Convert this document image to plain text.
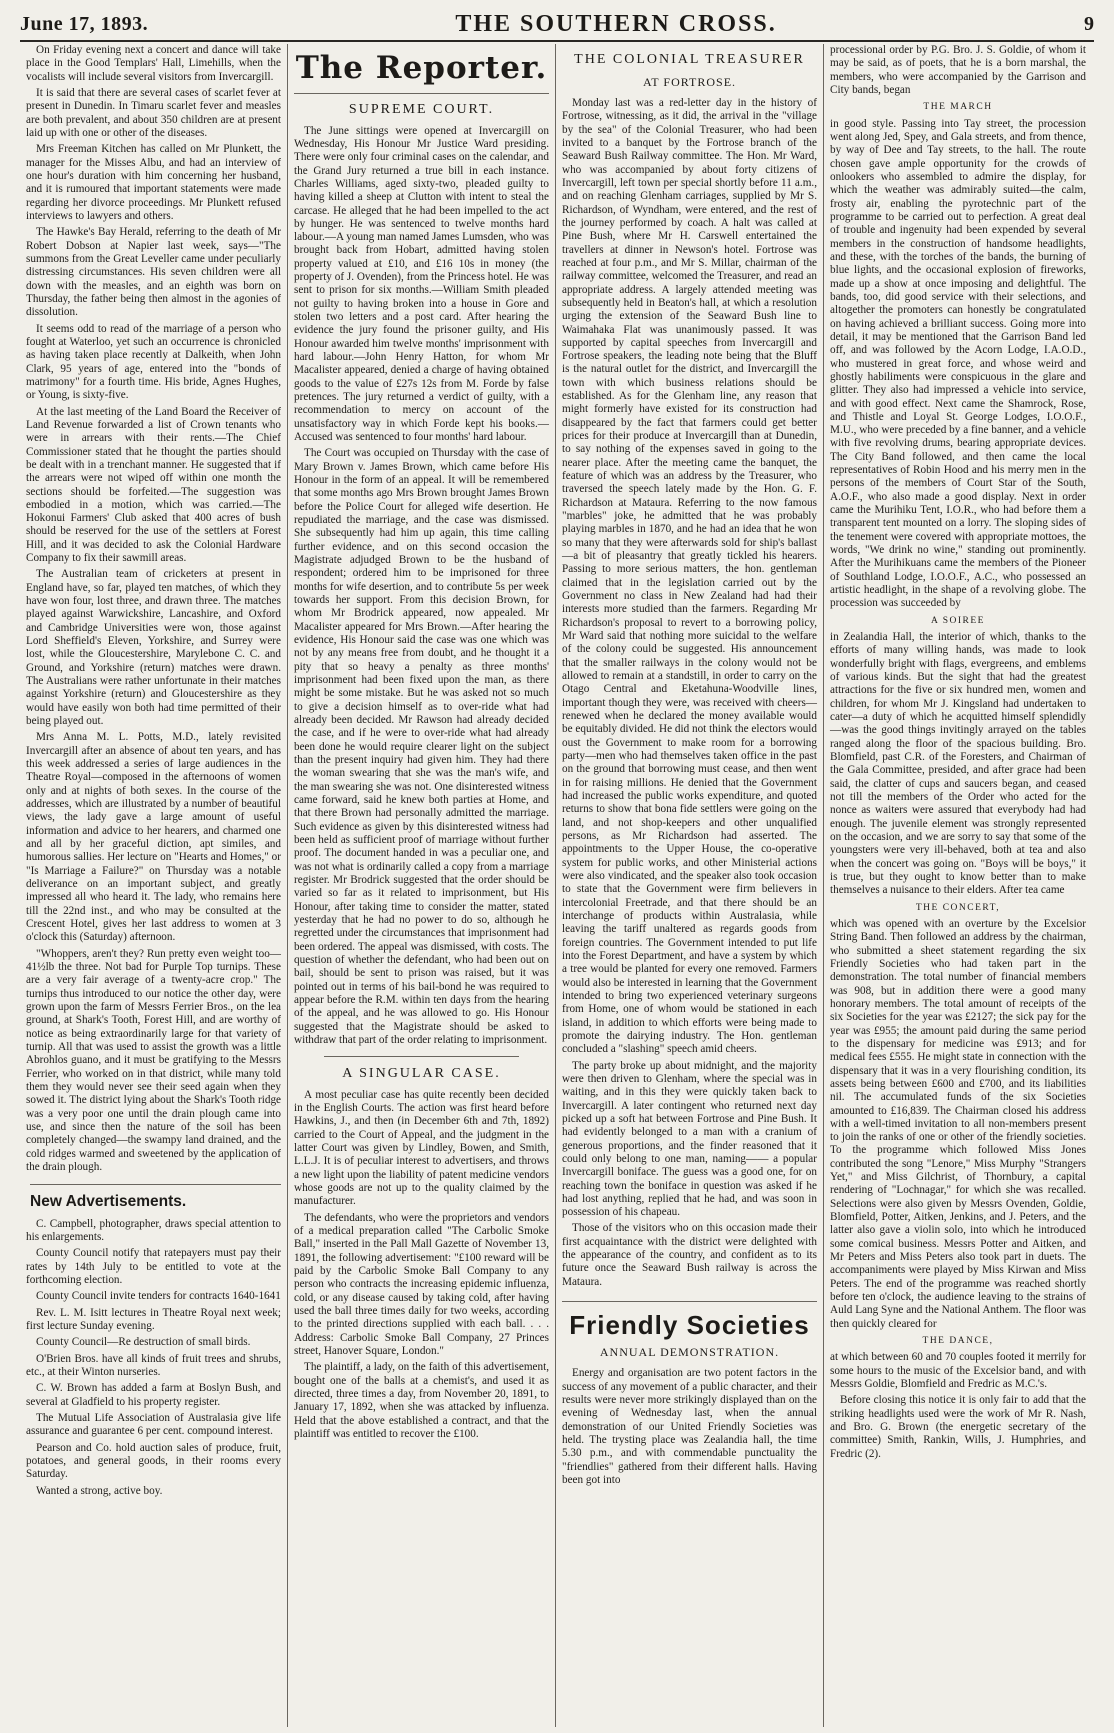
June 17, 1893.	THE SOUTHERN CROSS.	9

On Friday evening next a concert and dance will take place in the Good Templars' Hall, Limehills, when the vocalists will include several visitors from Invercargill.

It is said that there are several cases of scarlet fever at present in Dunedin. In Timaru scarlet fever and measles are both prevalent, and about 350 children are at present laid up with one or other of the diseases.

Mrs Freeman Kitchen has called on Mr Plunkett, the manager for the Misses Albu, and had an interview of one hour's duration with him concerning her husband, and it is rumoured that important statements were made regarding her divorce proceedings. Mr Plunkett refused interviews to lawyers and others.

The Hawke's Bay Herald, referring to the death of Mr Robert Dobson at Napier last week, says—"The summons from the Great Leveller came under peculiarly distressing circumstances. His seven children were all down with the measles, and an eighth was born on Thursday, the father being then almost in the agonies of dissolution.

It seems odd to read of the marriage of a person who fought at Waterloo, yet such an occurrence is chronicled as having taken place recently at Dalkeith, when John Clark, 95 years of age, entered into the "bonds of matrimony" for a fourth time. His bride, Agnes Hughes, or Young, is sixty-five.

At the last meeting of the Land Board the Receiver of Land Revenue forwarded a list of Crown tenants who were in arrears with their rents.—The Chief Commissioner stated that he thought the parties should be dealt with in a trenchant manner. He suggested that if the arrears were not wiped off within one month the sections should be forfeited.—The suggestion was embodied in a motion, which was carried.—The Hokonui Farmers' Club asked that 400 acres of bush should be reserved for the use of the settlers at Forest Hill, and it was decided to ask the Colonial Hardware Company to fix their sawmill areas.

The Australian team of cricketers at present in England have, so far, played ten matches, of which they have won four, lost three, and drawn three. The matches played against Warwickshire, Lancashire, and Oxford and Cambridge Universities were won, those against Lord Sheffield's Eleven, Yorkshire, and Surrey were lost, while the Gloucestershire, Marylebone C. C. and Ground, and Yorkshire (return) matches were drawn. The Australians were rather unfortunate in their matches against Yorkshire (return) and Gloucestershire as they would have easily won both had time permitted of their being played out.

Mrs Anna M. L. Potts, M.D., lately revisited Invercargill after an absence of about ten years, and has this week addressed a series of large audiences in the Theatre Royal—composed in the afternoons of women only and at nights of both sexes. In the course of the addresses, which are illustrated by a number of beautiful views, the lady gave a large amount of useful information and advice to her hearers, and charmed one and all by her graceful diction, apt similes, and humorous sallies. Her lecture on "Hearts and Homes," or "Is Marriage a Failure?" on Thursday was a notable deliverance on an important subject, and greatly impressed all who heard it. The lady, who remains here till the 22nd inst., and who may be consulted at the Crescent Hotel, gives her last address to women at 3 o'clock this (Saturday) afternoon.

"Whoppers, aren't they? Run pretty even weight too—41½lb the three. Not bad for Purple Top turnips. These are a very fair average of a twenty-acre crop." The turnips thus introduced to our notice the other day, were grown upon the farm of Messrs Ferrier Bros., on the lea ground, at Shark's Tooth, Forest Hill, and are worthy of notice as being extraordinarily large for that variety of turnip. All that was used to assist the growth was a little Abrohlos guano, and it must be gratifying to the Messrs Ferrier, who worked on in that district, while many told them they would never see their seed again when they sowed it. The district lying about the Shark's Tooth ridge was a very poor one until the drain plough came into use, and since then the nature of the soil has been completely changed—the swampy land drained, and the cold ridges warmed and sweetened by the application of the drain plough.

New Advertisements.

C. Campbell, photographer, draws special attention to his enlargements.

County Council notify that ratepayers must pay their rates by 14th July to be entitled to vote at the forthcoming election.

County Council invite tenders for contracts 1640-1641

Rev. L. M. Isitt lectures in Theatre Royal next week; first lecture Sunday evening.

County Council—Re destruction of small birds.

O'Brien Bros. have all kinds of fruit trees and shrubs, etc., at their Winton nurseries.

C. W. Brown has added a farm at Boslyn Bush, and several at Gladfield to his property register.

The Mutual Life Association of Australasia give life assurance and guarantee 6 per cent. compound interest.

Pearson and Co. hold auction sales of produce, fruit, potatoes, and general goods, in their rooms every Saturday.

Wanted a strong, active boy.

The Reporter.
SUPREME COURT.

The June sittings were opened at Invercargill on Wednesday, His Honour Mr Justice Ward presiding. There were only four criminal cases on the calendar, and the Grand Jury returned a true bill in each instance. Charles Williams, aged sixty-two, pleaded guilty to having killed a sheep at Clutton with intent to steal the carcase. He alleged that he had been impelled to the act by hunger. He was sentenced to twelve months hard labour.—A young man named James Lumsden, who was brought back from Hobart, admitted having stolen property valued at £10, and £16 10s in money (the property of J. Ovenden), from the Princess hotel. He was sent to prison for six months.—William Smith pleaded not guilty to having broken into a house in Gore and stolen two letters and a post card. After hearing the evidence the jury found the prisoner guilty, and His Honour awarded him twelve months' imprisonment with hard labour.—John Henry Hatton, for whom Mr Macalister appeared, denied a charge of having obtained goods to the value of £27s 12s from M. Forde by false pretences. The jury returned a verdict of guilty, with a recommendation to mercy on account of the unsatisfactory way in which Forde kept his books.—Accused was sentenced to four months' hard labour.

The Court was occupied on Thursday with the case of Mary Brown v. James Brown, which came before His Honour in the form of an appeal. It will be remembered that some months ago Mrs Brown brought James Brown before the Police Court for alleged wife desertion. He repudiated the marriage, and the case was dismissed. She subsequently had him up again, this time calling further evidence, and on this second occasion the Magistrate adjudged Brown to be the husband of respondent; ordered him to be imprisoned for three months for wife desertion, and to contribute 5s per week towards her support. From this decision Brown, for whom Mr Brodrick appeared, now appealed. Mr Macalister appeared for Mrs Brown.—After hearing the evidence, His Honour said the case was one which was not by any means free from doubt, and he thought it a pity that so heavy a penalty as three months' imprisonment had been fixed upon the man, as there might be some mistake. But he was asked not so much to give a decision himself as to over-ride what had already been decided. Mr Rawson had already decided the case, and if he were to over-ride what had already been done he would require clearer light on the subject than the present inquiry had given him. They had there the woman swearing that she was the man's wife, and the man swearing she was not. One disinterested witness came forward, said he knew both parties at Home, and that there Brown had personally admitted the marriage. Such evidence as given by this disinterested witness had been held as sufficient proof of marriage without further proof. The document handed in was a peculiar one, and was not what is ordinarily called a copy from a marriage register. Mr Brodrick suggested that the order should be varied so far as it related to imprisonment, but His Honour, after taking time to consider the matter, stated yesterday that he had no power to do so, although he regretted under the circumstances that imprisonment had been ordered. The appeal was dismissed, with costs. The question of whether the defendant, who had been out on bail, should be sent to prison was raised, but it was pointed out in terms of his bail-bond he was required to appear before the R.M. within ten days from the hearing of the appeal, and he was allowed to go. His Honour suggested that the Magistrate should be asked to withdraw that part of the order relating to imprisonment.

A SINGULAR CASE.

A most peculiar case has quite recently been decided in the English Courts. The action was first heard before Hawkins, J., and then (in December 6th and 7th, 1892) carried to the Court of Appeal, and the judgment in the latter Court was given by Lindley, Bowen, and Smith, L.L.J. It is of peculiar interest to advertisers, and throws a new light upon the liability of patent medicine vendors whose goods are not up to the quality claimed by the manufacturer.

The defendants, who were the proprietors and vendors of a medical preparation called "The Carbolic Smoke Ball," inserted in the Pall Mall Gazette of November 13, 1891, the following advertisement: "£100 reward will be paid by the Carbolic Smoke Ball Company to any person who contracts the increasing epidemic influenza, cold, or any disease caused by taking cold, after having used the ball three times daily for two weeks, according to the printed directions supplied with each ball. . . . Address: Carbolic Smoke Ball Company, 27 Princes street, Hanover Square, London."

The plaintiff, a lady, on the faith of this advertisement, bought one of the balls at a chemist's, and used it as directed, three times a day, from November 20, 1891, to January 17, 1892, when she was attacked by influenza. Held that the above established a contract, and that the plaintiff was entitled to recover the £100.

THE COLONIAL TREASURER
AT FORTROSE.

Monday last was a red-letter day in the history of Fortrose, witnessing, as it did, the arrival in the "village by the sea" of the Colonial Treasurer, who had been invited to a banquet by the Fortrose branch of the Seaward Bush Railway committee. The Hon. Mr Ward, who was accompanied by about forty citizens of Invercargill, left town per special shortly before 11 a.m., and on reaching Glenham carriages, supplied by Mr S. Richardson, of Wyndham, were entered, and the rest of the journey performed by coach. A halt was called at Pine Bush, where Mr H. Carswell entertained the travellers at dinner in Newson's hotel. Fortrose was reached at four p.m., and Mr S. Millar, chairman of the railway committee, welcomed the Treasurer, and read an appropriate address. A largely attended meeting was subsequently held in Beaton's hall, at which a resolution urging the extension of the Seaward Bush line to Waimahaka Flat was unanimously passed. It was supported by capital speeches from Invercargill and Fortrose speakers, the leading note being that the Bluff is the natural outlet for the district, and Invercargill the town with which business relations should be established. As for the Glenham line, any reason that might formerly have existed for its construction had disappeared by the fact that farmers could get better prices for their produce at Invercargill than at Dunedin, to say nothing of the expenses saved in going to the nearer place. After the meeting came the banquet, the feature of which was an address by the Treasurer, who traversed the speech lately made by the Hon. G. F. Richardson at Mataura. Referring to the now famous "marbles" joke, he admitted that he was probably playing marbles in 1870, and he had an idea that he won so many that they were afterwards sold for ship's ballast—a bit of pleasantry that greatly tickled his hearers. Passing to more serious matters, the hon. gentleman claimed that in the legislation carried out by the Government no class in New Zealand had had their interests more studied than the farmers. Regarding Mr Richardson's proposal to revert to a borrowing policy, Mr Ward said that nothing more suicidal to the welfare of the colony could be suggested. His announcement that the smaller railways in the colony would not be allowed to remain at a standstill, in order to carry on the Otago Central and Eketahuna-Woodville lines, important though they were, was received with cheers—renewed when he declared the money available would be equitably divided. He did not think the electors would oust the Government to make room for a borrowing party—men who had themselves taken office in the past on the ground that borrowing must cease, and then went in for raising millions. He denied that the Government had increased the public works expenditure, and quoted returns to show that bona fide settlers were going on the land, and not shop-keepers and other unqualified persons, as Mr Richardson had asserted. The appointments to the Upper House, the co-operative system for public works, and other Ministerial actions were also vindicated, and the speaker also took occasion to state that the Government were firm believers in intercolonial Freetrade, and that there should be an interchange of products within Australasia, while leaving the tariff unaltered as regards goods from foreign countries. The Government intended to put life into the Forest Department, and have a system by which a tree would be planted for every one removed. Farmers would also be interested in learning that the Government intended to bring two experienced veterinary surgeons from Home, one of whom would be stationed in each island, in addition to which efforts were being made to promote the dairying industry. The Hon. gentleman concluded a "slashing" speech amid cheers.

The party broke up about midnight, and the majority were then driven to Glenham, where the special was in waiting, and in this they were quickly taken back to Invercargill. A later contingent who returned next day picked up a soft hat between Fortrose and Pine Bush. It had evidently belonged to a man with a cranium of generous proportions, and the finder reasoned that it could only belong to one man, naming—— a popular Invercargill boniface. The guess was a good one, for on reaching town the boniface in question was asked if he had lost anything, replied that he had, and was soon in possession of his chapeau.

Those of the visitors who on this occasion made their first acquaintance with the district were delighted with the appearance of the country, and confident as to its future once the Seaward Bush railway is across the Mataura.

Friendly Societies
ANNUAL DEMONSTRATION.

Energy and organisation are two potent factors in the success of any movement of a public character, and their results were never more strikingly displayed than on the evening of Wednesday last, when the annual demonstration of our United Friendly Societies was held. The trysting place was Zealandia hall, the time 5.30 p.m., and with commendable punctuality the "friendlies" gathered from their different halls. Having been got into

processional order by P.G. Bro. J. S. Goldie, of whom it may be said, as of poets, that he is a born marshal, the members, who were accompanied by the Garrison and City bands, began

THE MARCH

in good style. Passing into Tay street, the procession went along Jed, Spey, and Gala streets, and from thence, by way of Dee and Tay streets, to the hall. The route chosen gave ample opportunity for the crowds of onlookers who assembled to admire the display, for which the weather was admirably suited—the calm, frosty air, enabling the pyrotechnic part of the programme to be carried out to perfection. A great deal of trouble and ingenuity had been expended by several members in the construction of handsome headlights, and these, with the torches of the bands, the burning of blue lights, and the occasional explosion of fireworks, made up a show at once imposing and delightful. The bands, too, did good service with their selections, and altogether the promoters can honestly be congratulated on having achieved a brilliant success. Going more into detail, it may be mentioned that the Garrison Band led off, and was followed by the Acorn Lodge, I.A.O.D., who mustered in great force, and whose weird and ghostly habiliments were conspicuous in the glare and glitter. They also had impressed a vehicle into service, and with good effect. Next came the Shamrock, Rose, and Thistle and Loyal St. George Lodges, I.O.O.F., M.U., who were preceded by a fine banner, and a vehicle with five revolving drums, bearing appropriate devices. The City Band followed, and then came the local representatives of Robin Hood and his merry men in the persons of the members of Court Star of the South, A.O.F., who also made a good display. Next in order came the Murihiku Tent, I.O.R., who had before them a transparent tent mounted on a lorry. The sloping sides of the tenement were covered with appropriate mottoes, the words, "We drink no wine," standing out prominently. After the Murihikuans came the members of the Pioneer of Southland Lodge, I.O.O.F., A.C., who possessed an artistic headlight, in the shape of a revolving globe. The procession was succeeded by

A SOIREE

in Zealandia Hall, the interior of which, thanks to the efforts of many willing hands, was made to look wonderfully bright with flags, evergreens, and emblems of various kinds. But the sight that had the greatest attractions for the five or six hundred men, women and children, for whom Mr J. Kingsland had undertaken to cater—a duty of which he acquitted himself splendidly—was the good things invitingly arrayed on the tables ranged along the floor of the spacious building. Bro. Blomfield, past C.R. of the Foresters, and Chairman of the Gala Committee, presided, and after grace had been said, the clatter of cups and saucers began, and ceased not till the members of the Order who acted for the nonce as waiters were assured that everybody had had enough. The juvenile element was strongly represented on the occasion, and we are sorry to say that some of the youngsters were very ill-behaved, both at tea and also when the concert was going on. "Boys will be boys," it is true, but they ought to know better than to make themselves a nuisance to their elders. After tea came

THE CONCERT,

which was opened with an overture by the Excelsior String Band. Then followed an address by the chairman, who submitted a sheet statement regarding the six Friendly Societies who had taken part in the demonstration. The total number of financial members was 908, but in addition there were a good many honorary members. The total amount of receipts of the six Societies for the year was £2127; the sick pay for the year was £955; the amount paid during the same period to the dispensary for medicine was £913; and for medical fees £555. He might state in connection with the dispensary that it was in a very flourishing condition, its assets being between £600 and £700, and its liabilities nil. The accumulated funds of the six Societies amounted to £16,839. The Chairman closed his address with a well-timed invitation to all non-members present to join the ranks of one or other of the friendly societies. To the programme which followed Miss Jones contributed the song "Lenore," Miss Murphy "Strangers Yet," and Miss Gilchrist, of Thornbury, a capital rendering of "Lochnagar," for which she was recalled. Selections were also given by Messrs Ovenden, Goldie, Blomfield, Potter, Aitken, Jenkins, and J. Peters, and the latter also gave a violin solo, into which he introduced some comical business. Messrs Potter and Aitken, and Mr Peters and Miss Peters also took part in duets. The accompaniments were played by Miss Kirwan and Miss Peters. The end of the programme was reached shortly before ten o'clock, the audience leaving to the strains of Auld Lang Syne and the National Anthem. The floor was then quickly cleared for

THE DANCE,

at which between 60 and 70 couples footed it merrily for some hours to the music of the Excelsior band, and with Messrs Goldie, Blomfield and Fredric as M.C.'s.

Before closing this notice it is only fair to add that the striking headlights used were the work of Mr R. Nash, and Bro. G. Brown (the energetic secretary of the committee) Smith, Rankin, Wills, J. Humphries, and Fredric (2).
